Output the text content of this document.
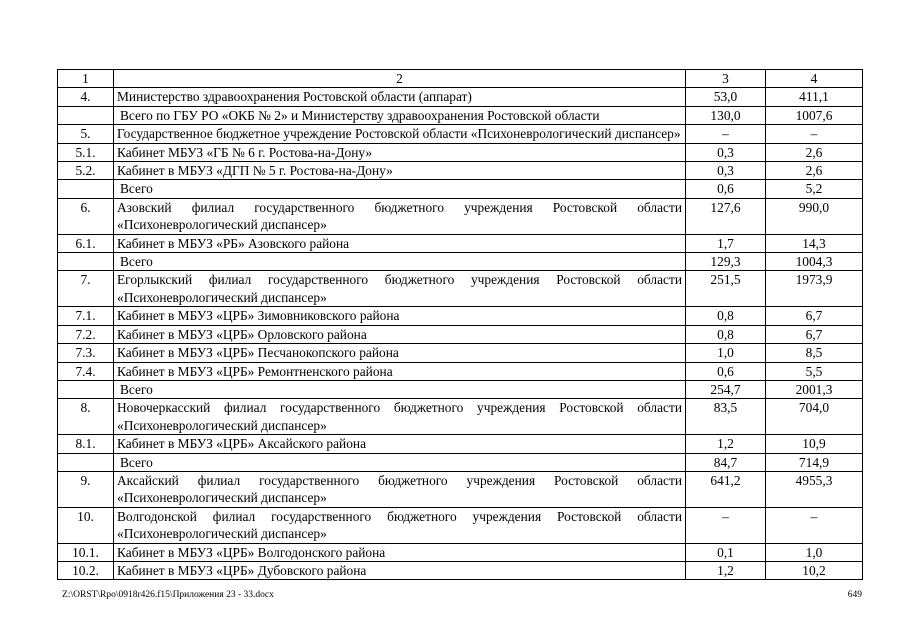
1	2	3	4
4.	Министерство здравоохранения Ростовской области (аппарат)	53,0	411,1
	Всего по ГБУ РО «ОКБ № 2» и Министерству здравоохранения Ростовской области	130,0	1007,6
5.	Государственное бюджетное учреждение Ростовской области «Психоневрологический диспансер»	–	–
5.1.	Кабинет МБУЗ «ГБ № 6 г. Ростова-на-Дону»	0,3	2,6
5.2.	Кабинет в МБУЗ «ДГП № 5 г. Ростова-на-Дону»	0,3	2,6
	Всего	0,6	5,2
6.	Азовский филиал государственного бюджетного учреждения Ростовской области «Психоневрологический диспансер»	127,6	990,0
6.1.	Кабинет в МБУЗ «РБ» Азовского района	1,7	14,3
	Всего	129,3	1004,3
7.	Егорлыкский филиал государственного бюджетного учреждения Ростовской области «Психоневрологический диспансер»	251,5	1973,9
7.1.	Кабинет в МБУЗ «ЦРБ» Зимовниковского района	0,8	6,7
7.2.	Кабинет в МБУЗ «ЦРБ» Орловского района	0,8	6,7
7.3.	Кабинет в МБУЗ «ЦРБ» Песчанокопского района	1,0	8,5
7.4.	Кабинет в МБУЗ «ЦРБ» Ремонтненского района	0,6	5,5
	Всего	254,7	2001,3
8.	Новочеркасский филиал государственного бюджетного учреждения Ростовской области «Психоневрологический диспансер»	83,5	704,0
8.1.	Кабинет в МБУЗ «ЦРБ» Аксайского района	1,2	10,9
	Всего	84,7	714,9
9.	Аксайский филиал государственного бюджетного учреждения Ростовской области «Психоневрологический диспансер»	641,2	4955,3
10.	Волгодонской филиал государственного бюджетного учреждения Ростовской области «Психоневрологический диспансер»	–	–
10.1.	Кабинет в МБУЗ «ЦРБ» Волгодонского района	0,1	1,0
10.2.	Кабинет в МБУЗ «ЦРБ» Дубовского района	1,2	10,2
Z:\ORST\Rpo\0918r426.f15\Приложения 23 - 33.docx	649
